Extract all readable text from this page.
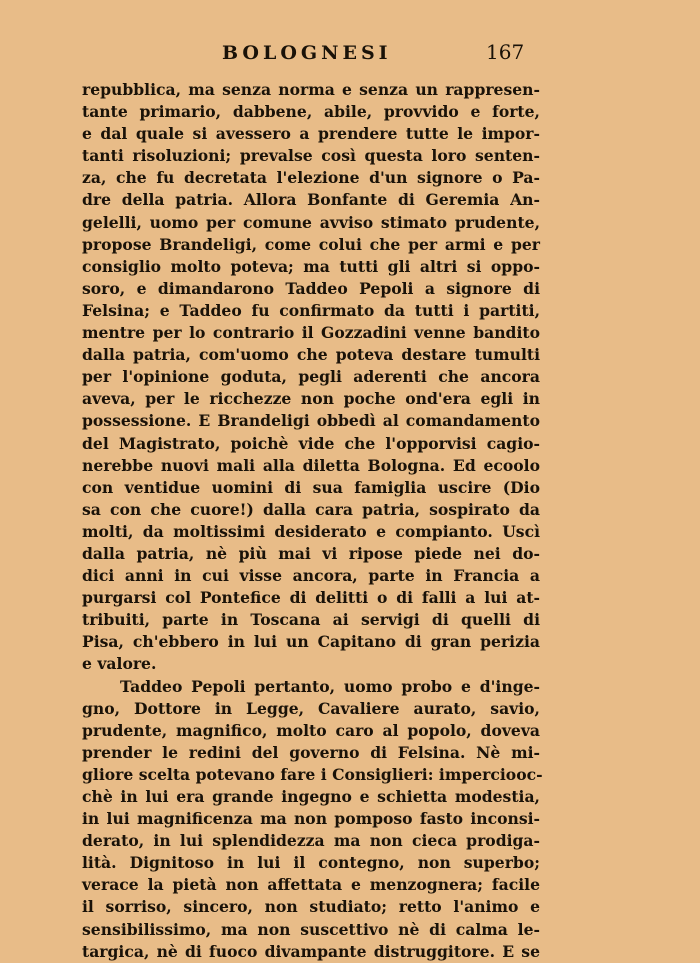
BOLOGNESI	167
repubblica, ma senza norma e senza un rappresen-
tante primario, dabbene, abile, provvido e forte,
e dal quale si avessero a prendere tutte le impor-
tanti risoluzioni; prevalse così questa loro senten-
za, che fu decretata l'elezione d'un signore o Pa-
dre della patria. Allora Bonfante di Geremia An-
gelelli, uomo per comune avviso stimato prudente,
propose Brandeligi, come colui che per armi e per
consiglio molto poteva; ma tutti gli altri si oppo-
soro, e dimandarono Taddeo Pepoli a signore di
Felsina; e Taddeo fu confirmato da tutti i partiti,
mentre per lo contrario il Gozzadini venne bandito
dalla patria, com'uomo che poteva destare tumulti
per l'opinione goduta, pegli aderenti che ancora
aveva, per le ricchezze non poche ond'era egli in
possessione. E Brandeligi obbedì al comandamento
del Magistrato, poichè vide che l'opporvisi cagio-
nerebbe nuovi mali alla diletta Bologna. Ed ecoolo
con ventidue uomini di sua famiglia uscire (Dio
sa con che cuore!) dalla cara patria, sospirato da
molti, da moltissimi desiderato e compianto. Uscì
dalla patria, nè più mai vi ripose piede nei do-
dici anni in cui visse ancora, parte in Francia a
purgarsi col Pontefice di delitti o di falli a lui at-
tribuiti, parte in Toscana ai servigi di quelli di
Pisa, ch'ebbero in lui un Capitano di gran perizia
e valore.
Taddeo Pepoli pertanto, uomo probo e d'inge-
gno, Dottore in Legge, Cavaliere aurato, savio,
prudente, magnifico, molto caro al popolo, doveva
prender le redini del governo di Felsina. Nè mi-
gliore scelta potevano fare i Consiglieri: imperciooc-
chè in lui era grande ingegno e schietta modestia,
in lui magnificenza ma non pomposo fasto inconsi-
derato, in lui splendidezza ma non cieca prodiga-
lità. Dignitoso in lui il contegno, non superbo;
verace la pietà non affettata e menzognera; facile
il sorriso, sincero, non studiato; retto l'animo e
sensibilissimo, ma non suscettivo nè di calma le-
targica, nè di fuoco divampante distruggitore. E se
